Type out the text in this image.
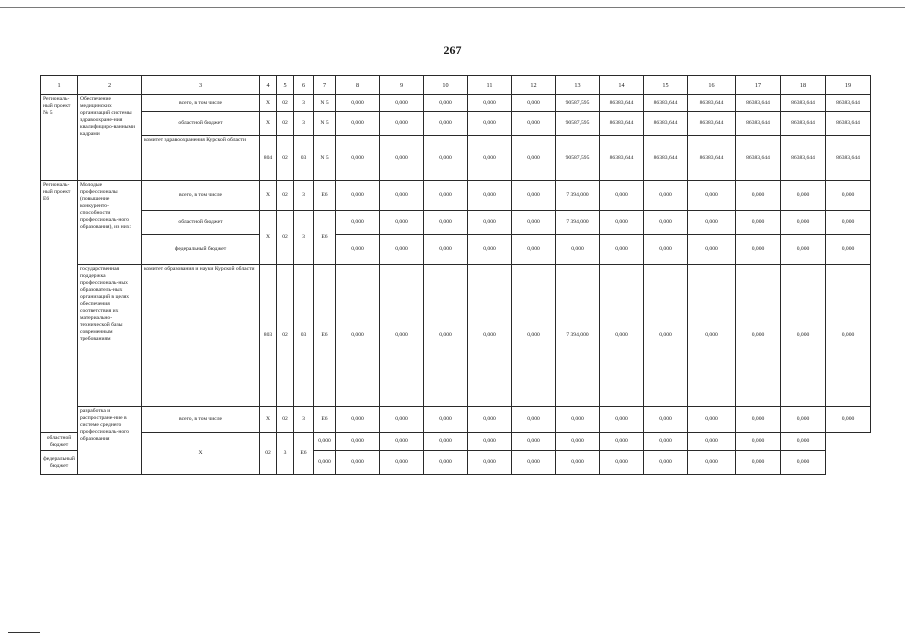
267
1	2	3	4	5	6	7	8	9	10	11	12	13	14	15	16	17	18	19
Региональ-ный проект № 5	Обеспечение медицинских организаций системы здравоохране-ния квалифициро-ванными кадрами	всего, в том числе	Х	02	3	N 5	0,000	0,000	0,000	0,000	0,000	90587,595	86383,644	86383,644	86383,644	86383,644	86383,644	86383,644
		областной бюджет	Х	02	3	N 5	0,000	0,000	0,000	0,000	0,000	90587,595	86383,644	86383,644	86383,644	86383,644	86383,644	86383,644
		комитет здравоохранения Курской области	804	02	03	N 5	0,000	0,000	0,000	0,000	0,000	90587,595	86383,644	86383,644	86383,644	86383,644	86383,644	86383,644
Региональ-ный проект Е6	Молодые профессионалы (повышение конкуренто-способности профессиональ-ного образования), из них:	всего, в том числе	Х	02	3	Е6	0,000	0,000	0,000	0,000	0,000	7 394,000	0,000	0,000	0,000	0,000	0,000	0,000
		областной бюджет	Х	02	3	Е6	0,000	0,000	0,000	0,000	0,000	7 394,000	0,000	0,000	0,000	0,000	0,000	0,000
		федеральный бюджет					0,000	0,000	0,000	0,000	0,000	0,000	0,000	0,000	0,000	0,000	0,000	0,000
	государственная поддержка профессиональ-ных образователь-ных организаций в целях обеспечения соответствия их материально-технической базы современным требованиям	комитет образования и науки Курской области	803	02	03	Е6	0,000	0,000	0,000	0,000	0,000	7 394,000	0,000	0,000	0,000	0,000	0,000	0,000
	разработка и распростране-ние в системе среднего профессиональ-ного образования	всего, в том числе	Х	02	3	Е6	0,000	0,000	0,000	0,000	0,000	0,000	0,000	0,000	0,000	0,000	0,000	0,000
областной бюджет		Х	02	3	Е6	0,000	0,000	0,000	0,000	0,000	0,000	0,000	0,000	0,000	0,000	0,000	0,000	
федеральный бюджет						0,000	0,000	0,000	0,000	0,000	0,000	0,000	0,000	0,000	0,000	0,000	0,000	
